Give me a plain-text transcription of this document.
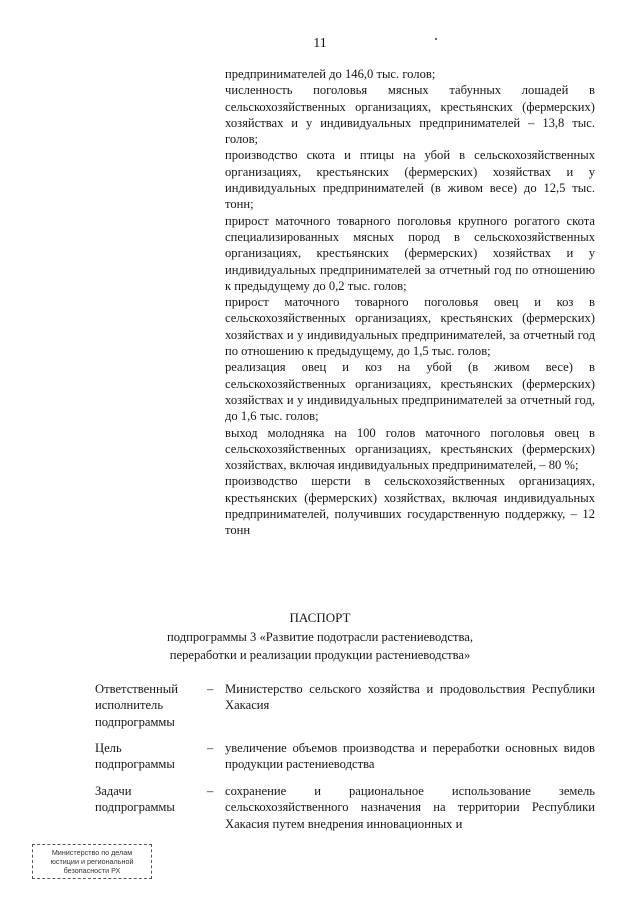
11

предпринимателей до 146,0 тыс. голов;

численность поголовья мясных табунных лошадей в сельскохозяйственных организациях, крестьянских (фермерских) хозяйствах и у индивидуальных предпринимателей – 13,8 тыс. голов;

производство скота и птицы на убой в сельскохозяйственных организациях, крестьянских (фермерских) хозяйствах и у индивидуальных предпринимателей (в живом весе) до 12,5 тыс. тонн;

прирост маточного товарного поголовья крупного рогатого скота специализированных мясных пород в сельскохозяйственных организациях, крестьянских (фермерских) хозяйствах и у индивидуальных предпринимателей за отчетный год по отношению к предыдущему до 0,2 тыс. голов;

прирост маточного товарного поголовья овец и коз в сельскохозяйственных организациях, крестьянских (фермерских) хозяйствах и у индивидуальных предпринимателей, за отчетный год по отношению к предыдущему, до 1,5 тыс. голов;

реализация овец и коз на убой (в живом весе) в сельскохозяйственных организациях, крестьянских (фермерских) хозяйствах и у индивидуальных предпринимателей за отчетный год, до 1,6 тыс. голов;

выход молодняка на 100 голов маточного поголовья овец в сельскохозяйственных организациях, крестьянских (фермерских) хозяйствах, включая индивидуальных предпринимателей, – 80 %;

производство шерсти в сельскохозяйственных организациях, крестьянских (фермерских) хозяйствах, включая индивидуальных предпринимателей, получивших государственную поддержку, – 12 тонн

ПАСПОРТ
подпрограммы 3 «Развитие подотрасли растениеводства,
переработки и реализации продукции растениеводства»
Ответственный
исполнитель
подпрограммы
– Министерство сельского хозяйства и продовольствия Республики Хакасия
Цель
подпрограммы
– увеличение объемов производства и переработки основных видов продукции растениеводства
Задачи
подпрограммы
– сохранение и рациональное использование земель сельскохозяйственного назначения на территории Республики Хакасия путем внедрения инновационных и
Министерство по делам
юстиции и региональной
безопасности РХ
